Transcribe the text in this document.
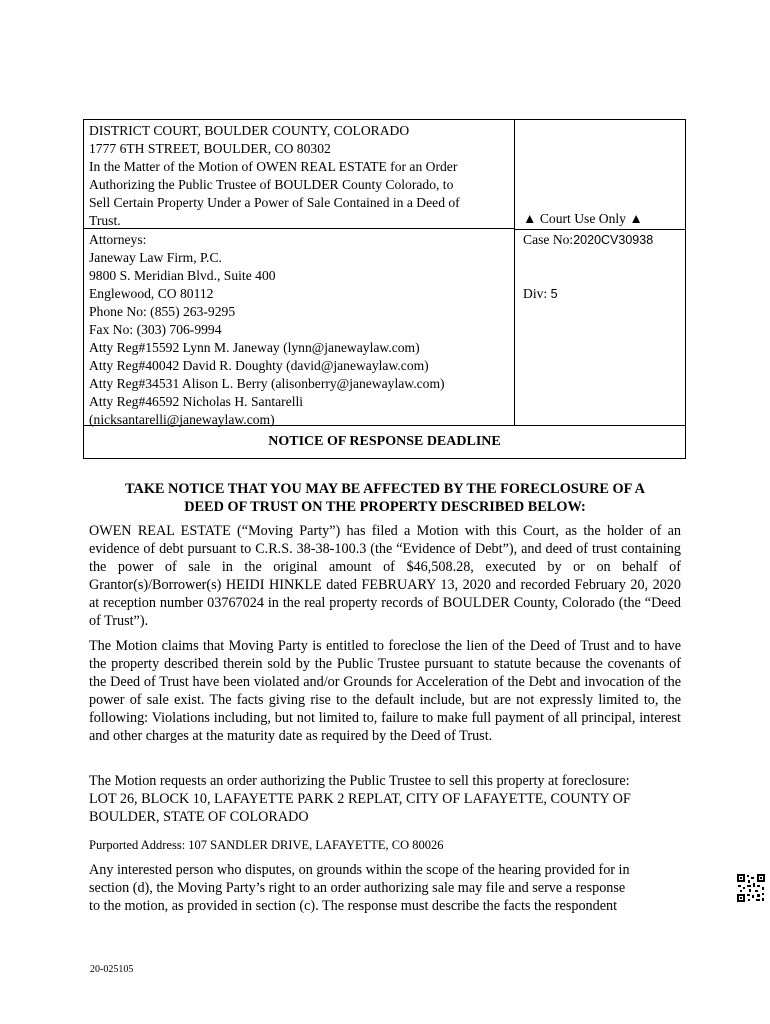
DISTRICT COURT, BOULDER COUNTY, COLORADO
1777 6TH STREET, BOULDER, CO 80302
In the Matter of the Motion of OWEN REAL ESTATE for an Order
Authorizing the Public Trustee of BOULDER County Colorado, to
Sell Certain Property Under a Power of Sale Contained in a Deed of
Trust.
Attorneys:
Janeway Law Firm, P.C.
9800 S. Meridian Blvd., Suite 400
Englewood, CO 80112
Phone No: (855) 263-9295
Fax No: (303) 706-9994
Atty Reg#15592 Lynn M. Janeway (lynn@janewaylaw.com)
Atty Reg#40042 David R. Doughty (david@janewaylaw.com)
Atty Reg#34531 Alison L. Berry (alisonberry@janewaylaw.com)
Atty Reg#46592 Nicholas H. Santarelli
(nicksantarelli@janewaylaw.com)
▲ Court Use Only ▲
Case No:2020CV30938
Div: 5
NOTICE OF RESPONSE DEADLINE
TAKE NOTICE THAT YOU MAY BE AFFECTED BY THE FORECLOSURE OF A
DEED OF TRUST ON THE PROPERTY DESCRIBED BELOW:

OWEN REAL ESTATE (“Moving Party”) has filed a Motion with this Court, as the holder of an evidence of debt pursuant to C.R.S. 38-38-100.3 (the “Evidence of Debt”), and deed of trust containing the power of sale in the original amount of $46,508.28, executed by or on behalf of Grantor(s)/Borrower(s) HEIDI HINKLE dated FEBRUARY 13, 2020 and recorded February 20, 2020 at reception number 03767024 in the real property records of BOULDER County, Colorado (the “Deed of Trust”).

The Motion claims that Moving Party is entitled to foreclose the lien of the Deed of Trust and to have the property described therein sold by the Public Trustee pursuant to statute because the covenants of the Deed of Trust have been violated and/or Grounds for Acceleration of the Debt and invocation of the power of sale exist. The facts giving rise to the default include, but are not expressly limited to, the following: Violations including, but not limited to, failure to make full payment of all principal, interest and other charges at the maturity date as required by the Deed of Trust.

The Motion requests an order authorizing the Public Trustee to sell this property at foreclosure:
LOT 26, BLOCK 10, LAFAYETTE PARK 2 REPLAT, CITY OF LAFAYETTE, COUNTY OF
BOULDER, STATE OF COLORADO
Purported Address: 107 SANDLER DRIVE, LAFAYETTE, CO 80026
Any interested person who disputes, on grounds within the scope of the hearing provided for in
section (d), the Moving Party’s right to an order authorizing sale may file and serve a response
to the motion, as provided in section (c). The response must describe the facts the respondent
20-025105
